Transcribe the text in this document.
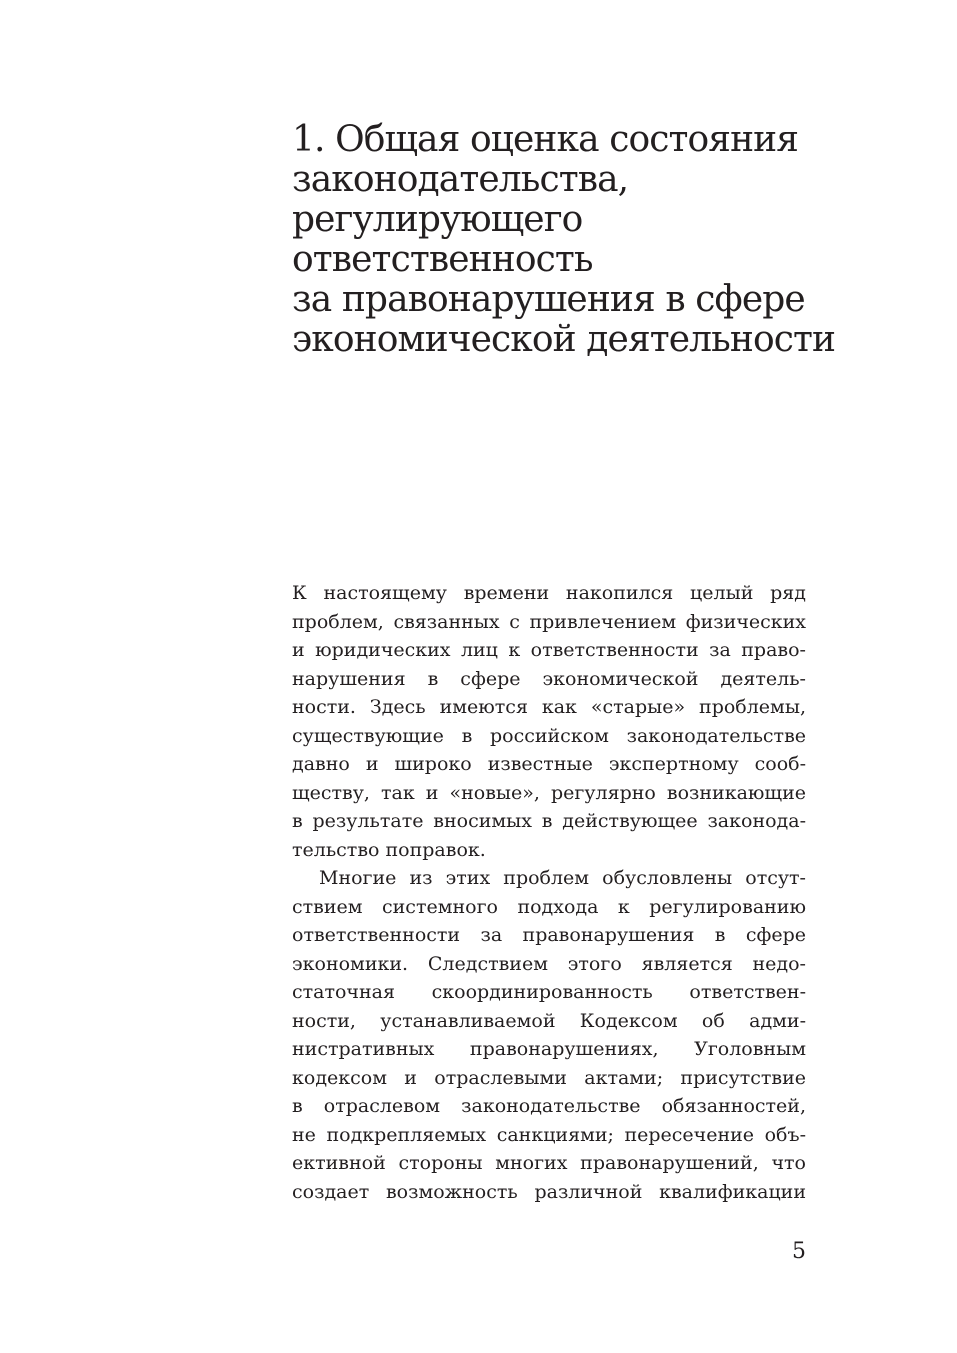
1. Общая оценка состояния
законодательства,
регулирующего
ответственность
за правонарушения в сфере
экономической деятельности
К настоящему времени накопился целый ряд
проблем, связанных с привлечением физических
и юридических лиц к ответственности за право-
нарушения в сфере экономической деятель-
ности. Здесь имеются как «старые» проблемы,
существующие в российском законодательстве
давно и широко известные экспертному сооб-
ществу, так и «новые», регулярно возникающие
в результате вносимых в действующее законода-
тельство поправок.
Многие из этих проблем обусловлены отсут-
ствием системного подхода к регулированию
ответственности за правонарушения в сфере
экономики. Следствием этого является недо-
статочная скоординированность ответствен-
ности, устанавливаемой Кодексом об адми-
нистративных правонарушениях, Уголовным
кодексом и отраслевыми актами; присутствие
в отраслевом законодательстве обязанностей,
не подкрепляемых санкциями; пересечение объ-
ективной стороны многих правонарушений, что
создает возможность различной квалификации
5
